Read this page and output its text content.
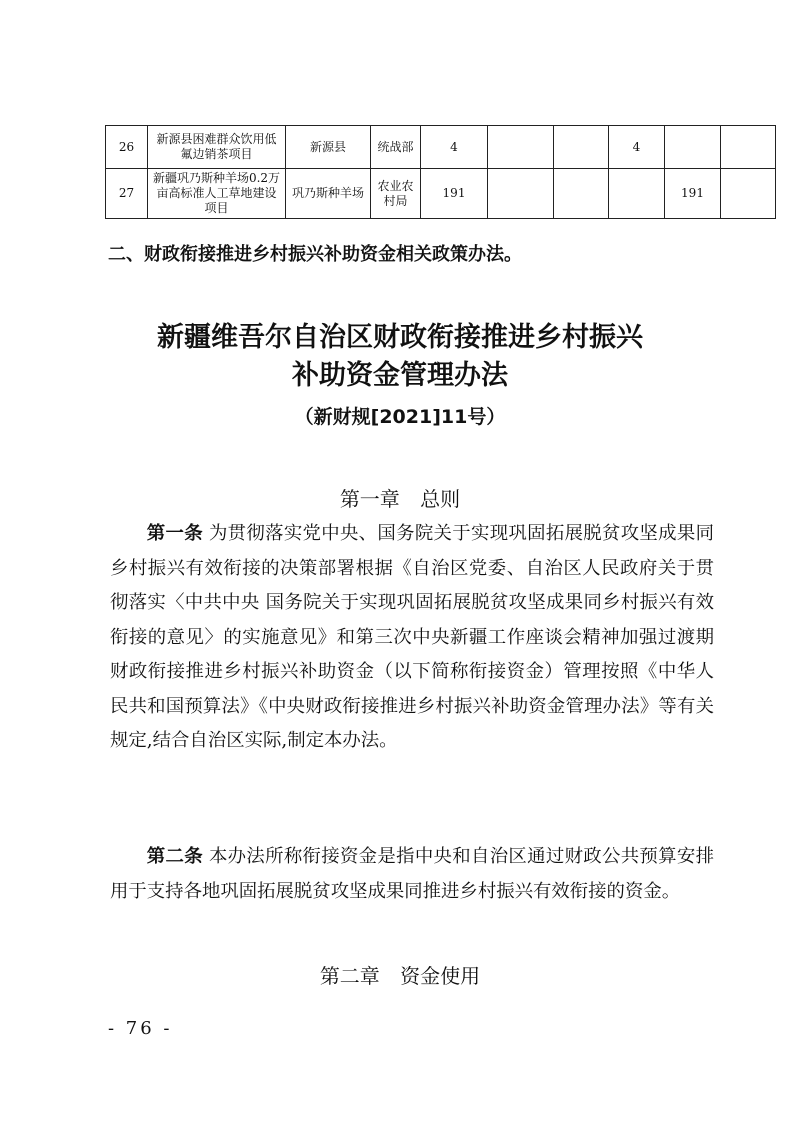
26	新源县困难群众饮用低氟边销茶项目	新源县	统战部	4			4		
27	新疆巩乃斯种羊场0.2万亩高标准人工草地建设项目	巩乃斯种羊场	农业农村局	191				191	
二、财政衔接推进乡村振兴补助资金相关政策办法。
新疆维吾尔自治区财政衔接推进乡村振兴
补助资金管理办法
（新财规[2021]11号）
第一章 总则

第一条 为贯彻落实党中央、国务院关于实现巩固拓展脱贫攻坚成果同乡村振兴有效衔接的决策部署根据《自治区党委、自治区人民政府关于贯彻落实〈中共中央 国务院关于实现巩固拓展脱贫攻坚成果同乡村振兴有效衔接的意见〉的实施意见》和第三次中央新疆工作座谈会精神加强过渡期财政衔接推进乡村振兴补助资金（以下简称衔接资金）管理按照《中华人民共和国预算法》《中央财政衔接推进乡村振兴补助资金管理办法》等有关规定,结合自治区实际,制定本办法。

第二条 本办法所称衔接资金是指中央和自治区通过财政公共预算安排用于支持各地巩固拓展脱贫攻坚成果同推进乡村振兴有效衔接的资金。

第二章 资金使用
- 76 -
